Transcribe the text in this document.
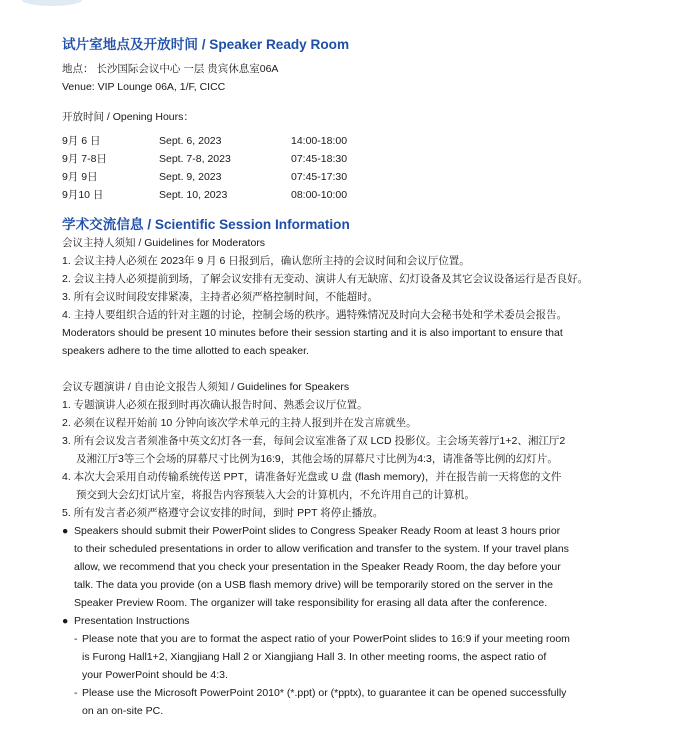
试片室地点及开放时间 / Speaker Ready Room
地点： 长沙国际会议中心 一层 贵宾休息室06A
Venue: VIP Lounge 06A, 1/F, CICC
开放时间 / Opening Hours：
9月 6 日	Sept. 6, 2023	14:00-18:00
9月 7-8日	Sept. 7-8, 2023	07:45-18:30
9月 9日	Sept. 9, 2023	07:45-17:30
9月10 日	Sept. 10, 2023	08:00-10:00
学术交流信息 / Scientific Session Information
会议主持人须知 / Guidelines for Moderators
1. 会议主持人必须在 2023年 9 月 6 日报到后，确认您所主持的会议时间和会议厅位置。
2. 会议主持人必须提前到场，了解会议安排有无变动、演讲人有无缺席、幻灯设备及其它会议设备运行是否良好。
3. 所有会议时间段安排紧凑，主持者必须严格控制时间，不能超时。
4. 主持人要组织合适的针对主题的讨论，控制会场的秩序。遇特殊情况及时向大会秘书处和学术委员会报告。
Moderators should be present 10 minutes before their session starting and it is also important to ensure that
speakers adhere to the time allotted to each speaker.
会议专题演讲 / 自由论文报告人须知 / Guidelines for Speakers
1. 专题演讲人必须在报到时再次确认报告时间、熟悉会议厅位置。
2. 必须在议程开始前 10 分钟向该次学术单元的主持人报到并在发言席就坐。
3. 所有会议发言者须准备中英文幻灯各一套，每间会议室准备了双 LCD 投影仪。主会场芙蓉厅1+2、湘江厅2
及湘江厅3等三个会场的屏幕尺寸比例为16:9，其他会场的屏幕尺寸比例为4:3，请准备等比例的幻灯片。
4. 本次大会采用自动传输系统传送 PPT，请准备好光盘或 U 盘 (flash memory)，并在报告前一天将您的文件
预交到大会幻灯试片室，将报告内容预装入大会的计算机内，不允许用自己的计算机。
5. 所有发言者必须严格遵守会议安排的时间，到时 PPT 将停止播放。
● Speakers should submit their PowerPoint slides to Congress Speaker Ready Room at least 3 hours prior
to their scheduled presentations in order to allow verification and transfer to the system. If your travel plans
allow, we recommend that you check your presentation in the Speaker Ready Room, the day before your
talk. The data you provide (on a USB flash memory drive) will be temporarily stored on the server in the
Speaker Preview Room. The organizer will take responsibility for erasing all data after the conference.
● Presentation Instructions
- Please note that you are to format the aspect ratio of your PowerPoint slides to 16:9 if your meeting room
is Furong Hall1+2, Xiangjiang Hall 2 or Xiangjiang Hall 3. In other meeting rooms, the aspect ratio of
your PowerPoint should be 4:3.
- Please use the Microsoft PowerPoint 2010* (*.ppt) or (*pptx), to guarantee it can be opened successfully
on an on-site PC.
